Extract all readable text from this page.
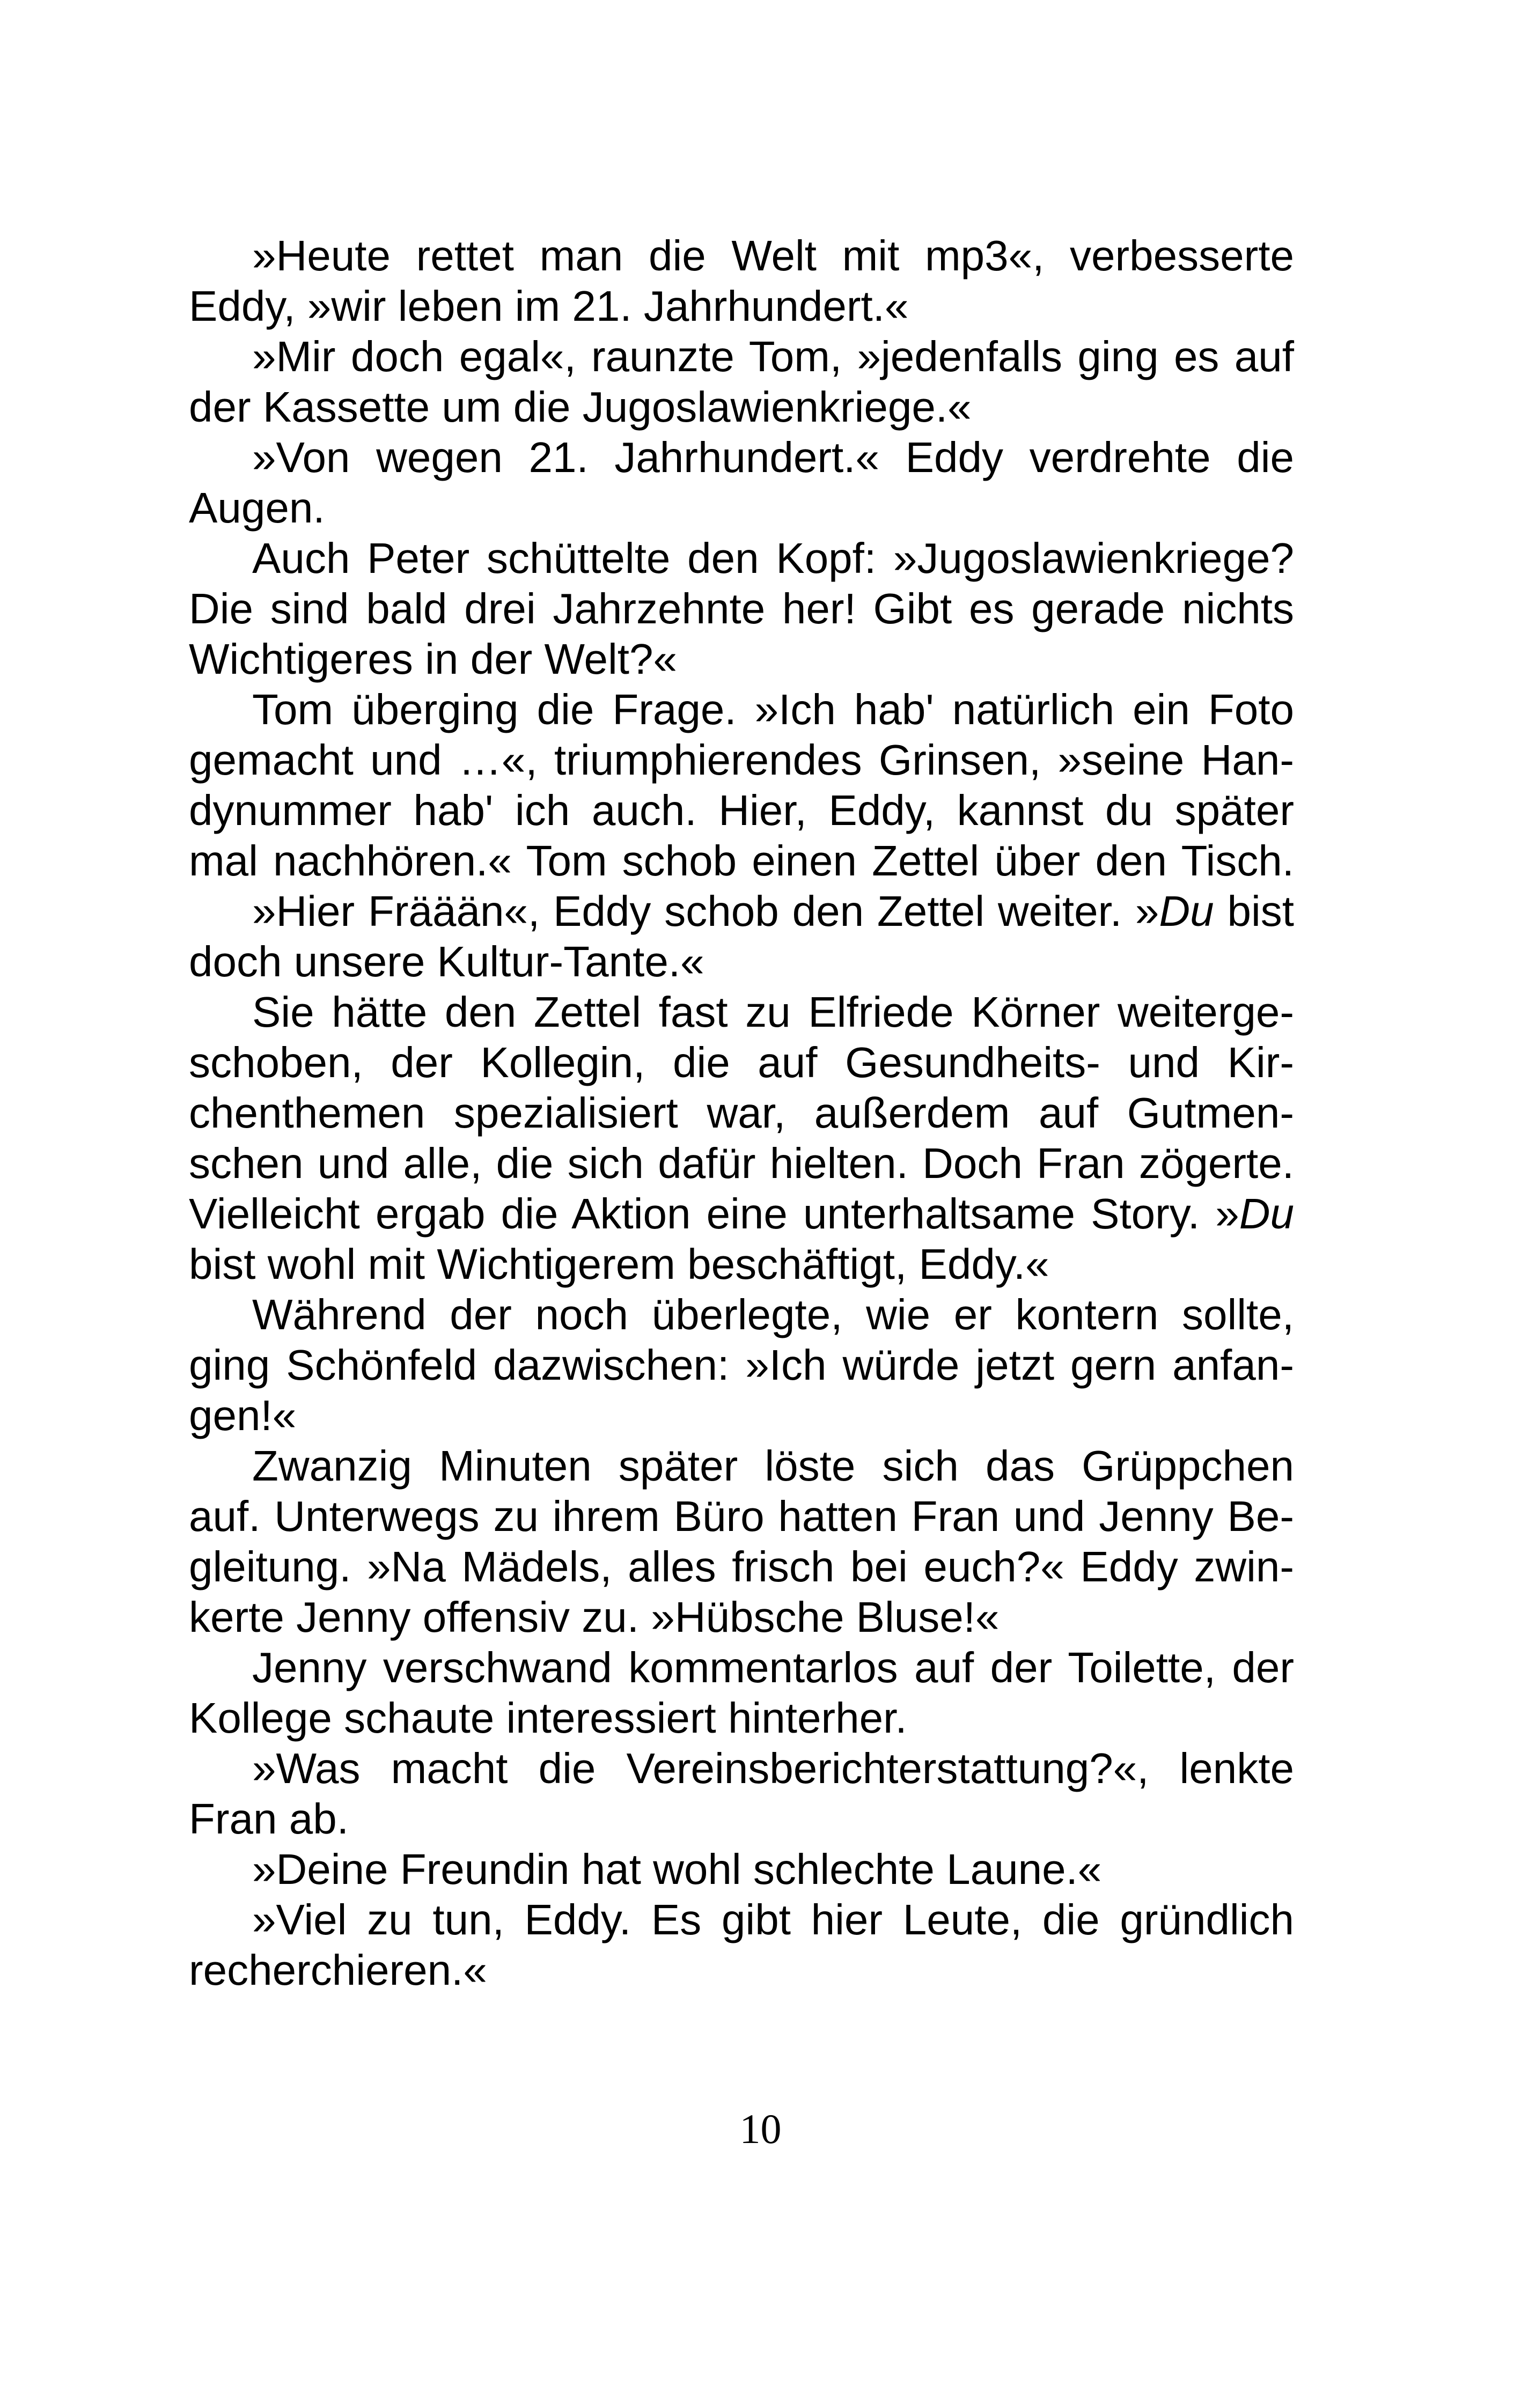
»Heute rettet man die Welt mit mp3«, verbesserte
Eddy, »wir leben im 21. Jahrhundert.«
»Mir doch egal«, raunzte Tom, »jedenfalls ging es auf
der Kassette um die Jugoslawienkriege.«
»Von wegen 21. Jahrhundert.« Eddy verdrehte die
Augen.
Auch Peter schüttelte den Kopf: »Jugoslawienkriege?
Die sind bald drei Jahrzehnte her! Gibt es gerade nichts
Wichtigeres in der Welt?«
Tom überging die Frage. »Ich hab' natürlich ein Foto
gemacht und …«, triumphierendes Grinsen, »seine Han-
dynummer hab' ich auch. Hier, Eddy, kannst du später
mal nachhören.« Tom schob einen Zettel über den Tisch.
»Hier Fräään«, Eddy schob den Zettel weiter. »Du bist
doch unsere Kultur-Tante.«
Sie hätte den Zettel fast zu Elfriede Körner weiterge-
schoben, der Kollegin, die auf Gesundheits- und Kir-
chenthemen spezialisiert war, außerdem auf Gutmen-
schen und alle, die sich dafür hielten. Doch Fran zögerte.
Vielleicht ergab die Aktion eine unterhaltsame Story. »Du
bist wohl mit Wichtigerem beschäftigt, Eddy.«
Während der noch überlegte, wie er kontern sollte,
ging Schönfeld dazwischen: »Ich würde jetzt gern anfan-
gen!«
Zwanzig Minuten später löste sich das Grüppchen
auf. Unterwegs zu ihrem Büro hatten Fran und Jenny Be-
gleitung. »Na Mädels, alles frisch bei euch?« Eddy zwin-
kerte Jenny offensiv zu. »Hübsche Bluse!«
Jenny verschwand kommentarlos auf der Toilette, der
Kollege schaute interessiert hinterher.
»Was macht die Vereinsberichterstattung?«, lenkte
Fran ab.
»Deine Freundin hat wohl schlechte Laune.«
»Viel zu tun, Eddy. Es gibt hier Leute, die gründlich
recherchieren.«
10
